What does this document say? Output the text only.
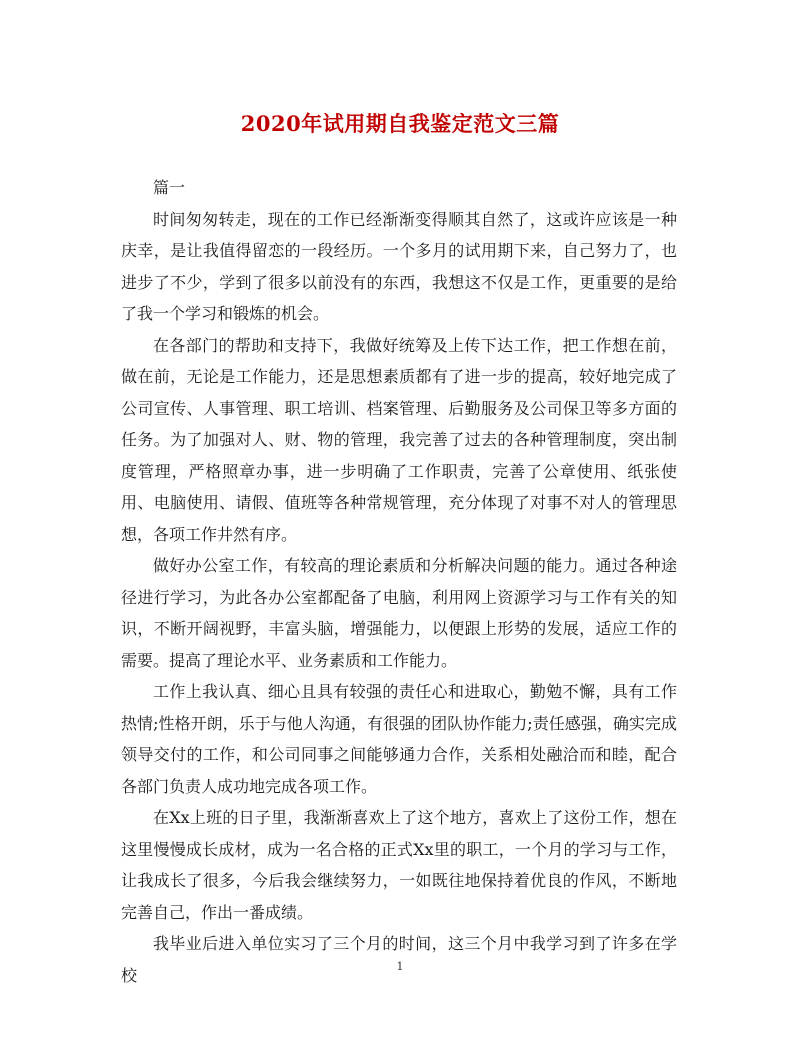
2020年试用期自我鉴定范文三篇

篇一

时间匆匆转走，现在的工作已经渐渐变得顺其自然了，这或许应该是一种庆幸，是让我值得留恋的一段经历。一个多月的试用期下来，自己努力了，也进步了不少，学到了很多以前没有的东西，我想这不仅是工作，更重要的是给了我一个学习和锻炼的机会。

在各部门的帮助和支持下，我做好统筹及上传下达工作，把工作想在前，做在前，无论是工作能力，还是思想素质都有了进一步的提高，较好地完成了公司宣传、人事管理、职工培训、档案管理、后勤服务及公司保卫等多方面的任务。为了加强对人、财、物的管理，我完善了过去的各种管理制度，突出制度管理，严格照章办事，进一步明确了工作职责，完善了公章使用、纸张使用、电脑使用、请假、值班等各种常规管理，充分体现了对事不对人的管理思想，各项工作井然有序。

做好办公室工作，有较高的理论素质和分析解决问题的能力。通过各种途径进行学习，为此各办公室都配备了电脑，利用网上资源学习与工作有关的知识，不断开阔视野，丰富头脑，增强能力，以便跟上形势的发展，适应工作的需要。提高了理论水平、业务素质和工作能力。

工作上我认真、细心且具有较强的责任心和进取心，勤勉不懈，具有工作热情;性格开朗，乐于与他人沟通，有很强的团队协作能力;责任感强，确实完成领导交付的工作，和公司同事之间能够通力合作，关系相处融洽而和睦，配合各部门负责人成功地完成各项工作。

在Xx上班的日子里，我渐渐喜欢上了这个地方，喜欢上了这份工作，想在这里慢慢成长成材，成为一名合格的正式Xx里的职工，一个月的学习与工作，让我成长了很多，今后我会继续努力，一如既往地保持着优良的作风，不断地完善自己，作出一番成绩。

我毕业后进入单位实习了三个月的时间，这三个月中我学习到了许多在学校	1
